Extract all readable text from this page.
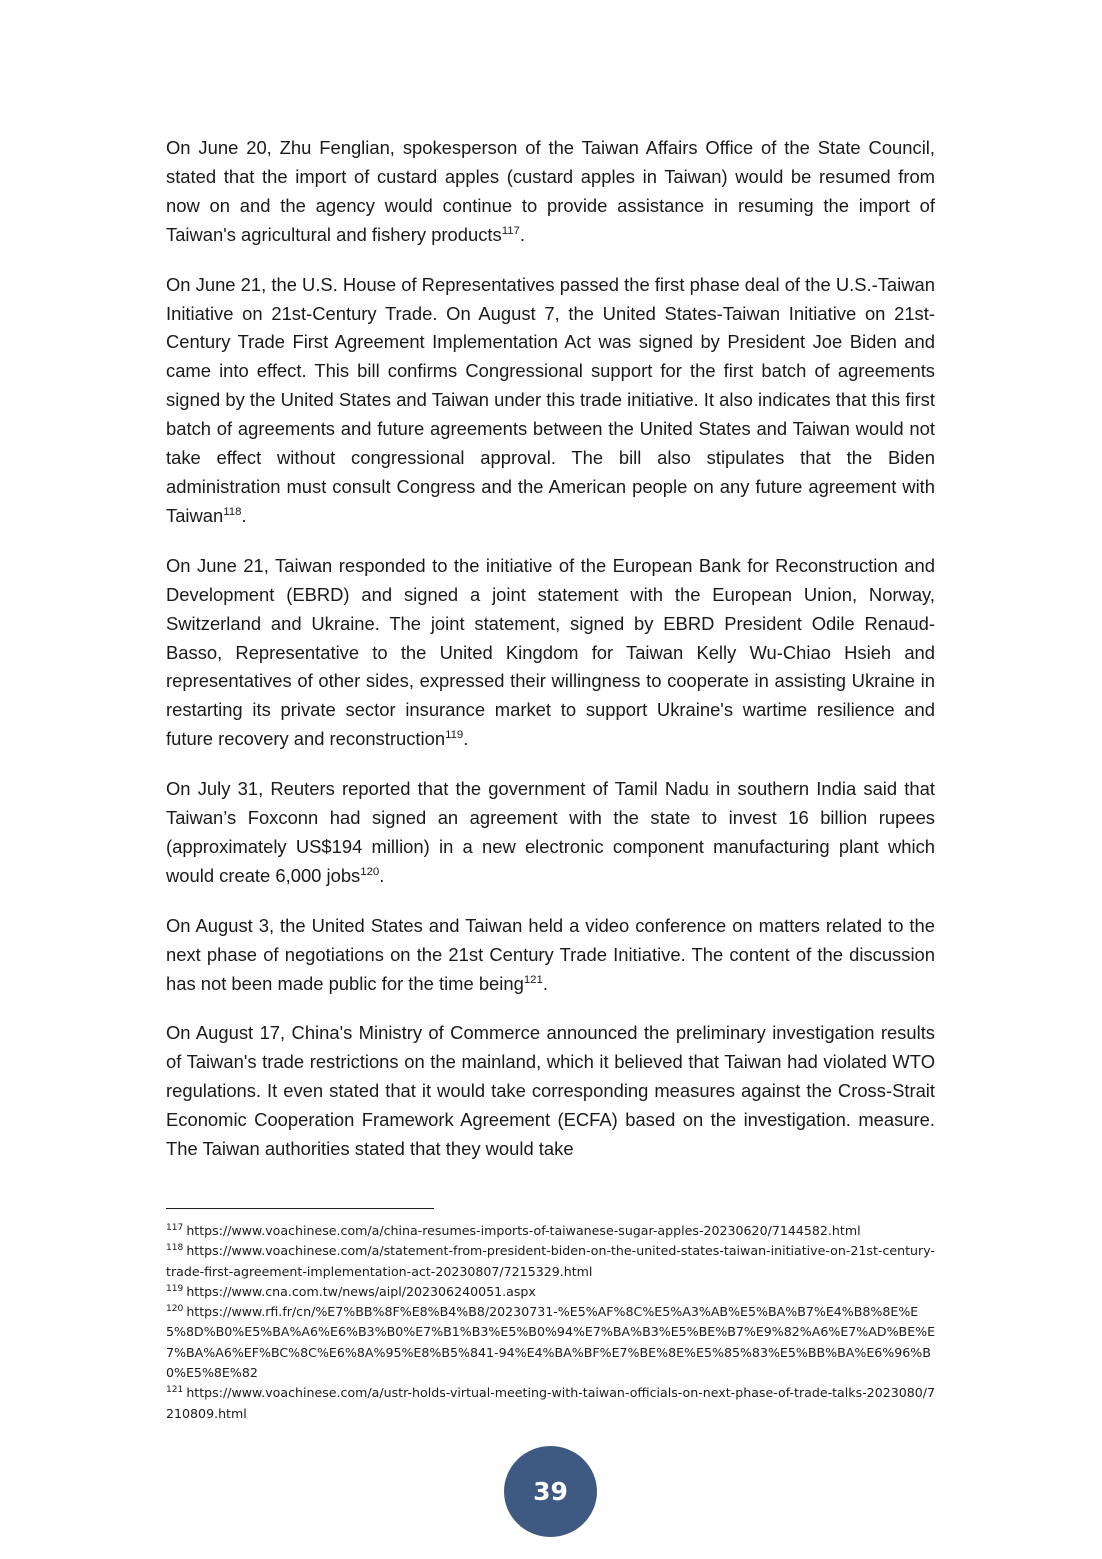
On June 20, Zhu Fenglian, spokesperson of the Taiwan Affairs Office of the State Council, stated that the import of custard apples (custard apples in Taiwan) would be resumed from now on and the agency would continue to provide assistance in resuming the import of Taiwan's agricultural and fishery products$^{117}$.

On June 21, the U.S. House of Representatives passed the first phase deal of the U.S.-Taiwan Initiative on 21st-Century Trade. On August 7, the United States-Taiwan Initiative on 21st-Century Trade First Agreement Implementation Act was signed by President Joe Biden and came into effect. This bill confirms Congressional support for the first batch of agreements signed by the United States and Taiwan under this trade initiative. It also indicates that this first batch of agreements and future agreements between the United States and Taiwan would not take effect without congressional approval. The bill also stipulates that the Biden administration must consult Congress and the American people on any future agreement with Taiwan$^{118}$.

On June 21, Taiwan responded to the initiative of the European Bank for Reconstruction and Development (EBRD) and signed a joint statement with the European Union, Norway, Switzerland and Ukraine. The joint statement, signed by EBRD President Odile Renaud-Basso, Representative to the United Kingdom for Taiwan Kelly Wu-Chiao Hsieh and representatives of other sides, expressed their willingness to cooperate in assisting Ukraine in restarting its private sector insurance market to support Ukraine's wartime resilience and future recovery and reconstruction$^{119}$.

On July 31, Reuters reported that the government of Tamil Nadu in southern India said that Taiwan’s Foxconn had signed an agreement with the state to invest 16 billion rupees (approximately US$194 million) in a new electronic component manufacturing plant which would create 6,000 jobs$^{120}$.

On August 3, the United States and Taiwan held a video conference on matters related to the next phase of negotiations on the 21st Century Trade Initiative. The content of the discussion has not been made public for the time being$^{121}$.

On August 17, China's Ministry of Commerce announced the preliminary investigation results of Taiwan's trade restrictions on the mainland, which it believed that Taiwan had violated WTO regulations. It even stated that it would take corresponding measures against the Cross-Strait Economic Cooperation Framework Agreement (ECFA) based on the investigation. measure. The Taiwan authorities stated that they would take

$^{117}$ https://www.voachinese.com/a/china-resumes-imports-of-taiwanese-sugar-apples-20230620/7144582.html

$^{118}$ https://www.voachinese.com/a/statement-from-president-biden-on-the-united-states-taiwan-initiative-on-21st-century-trade-first-agreement-implementation-act-20230807/7215329.html

$^{119}$ https://www.cna.com.tw/news/aipl/202306240051.aspx

$^{120}$ https://www.rfi.fr/cn/%E7%BB%8F%E8%B4%B8/20230731-%E5%AF%8C%E5%A3%AB%E5%BA%B7%E4%B8%8E%E5%8D%B0%E5%BA%A6%E6%B3%B0%E7%B1%B3%E5%B0%94%E7%BA%B3%E5%BE%B7%E9%82%A6%E7%AD%BE%E7%BA%A6%EF%BC%8C%E6%8A%95%E8%B5%841-94%E4%BA%BF%E7%BE%8E%E5%85%83%E5%BB%BA%E6%96%B0%E5%8E%82

$^{121}$ https://www.voachinese.com/a/ustr-holds-virtual-meeting-with-taiwan-officials-on-next-phase-of-trade-talks-2023080/7210809.html

39
